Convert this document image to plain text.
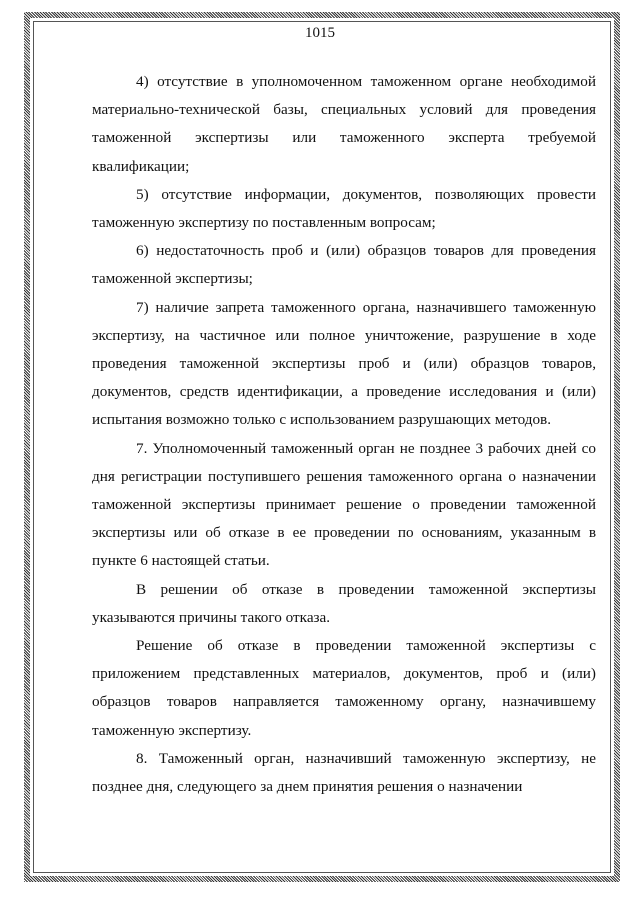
1015

4) отсутствие в уполномоченном таможенном органе необходимой материально-технической базы, специальных условий для проведения таможенной экспертизы или таможенного эксперта требуемой квалификации;

5) отсутствие информации, документов, позволяющих провести таможенную экспертизу по поставленным вопросам;

6) недостаточность проб и (или) образцов товаров для проведения таможенной экспертизы;

7) наличие запрета таможенного органа, назначившего таможенную экспертизу, на частичное или полное уничтожение, разрушение в ходе проведения таможенной экспертизы проб и (или) образцов товаров, документов, средств идентификации, а проведение исследования и (или) испытания возможно только с использованием разрушающих методов.

7. Уполномоченный таможенный орган не позднее 3 рабочих дней со дня регистрации поступившего решения таможенного органа о назначении таможенной экспертизы принимает решение о проведении таможенной экспертизы или об отказе в ее проведении по основаниям, указанным в пункте 6 настоящей статьи.

В решении об отказе в проведении таможенной экспертизы указываются причины такого отказа.

Решение об отказе в проведении таможенной экспертизы с приложением представленных материалов, документов, проб и (или) образцов товаров направляется таможенному органу, назначившему таможенную экспертизу.

8. Таможенный орган, назначивший таможенную экспертизу, не позднее дня, следующего за днем принятия решения о назначении
